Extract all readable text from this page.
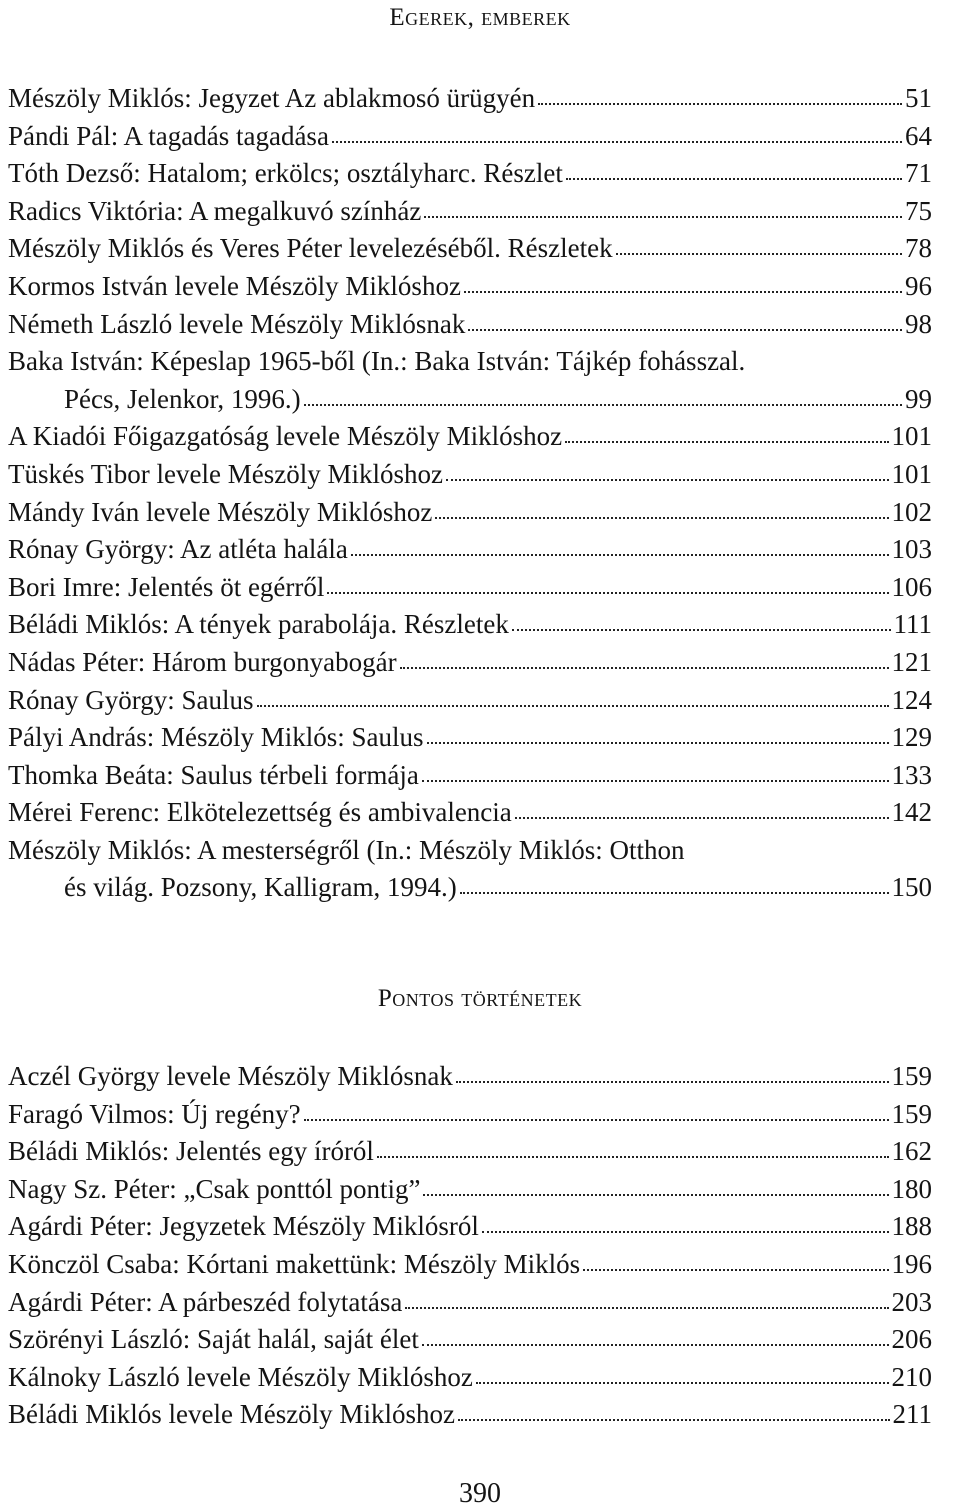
Egerek, emberek
Mészöly Miklós: Jegyzet Az ablakmosó ürügyén	51
Pándi Pál: A tagadás tagadása	64
Tóth Dezső: Hatalom; erkölcs; osztályharc. Részlet	71
Radics Viktória: A megalkuvó színház	75
Mészöly Miklós és Veres Péter levelezéséből. Részletek	78
Kormos István levele Mészöly Miklóshoz	96
Németh László levele Mészöly Miklósnak	98
Baka István: Képeslap 1965-ből (In.: Baka István: Tájkép fohásszal.
Pécs, Jelenkor, 1996.)	99
A Kiadói Főigazgatóság levele Mészöly Miklóshoz	101
Tüskés Tibor levele Mészöly Miklóshoz	101
Mándy Iván levele Mészöly Miklóshoz	102
Rónay György: Az atléta halála	103
Bori Imre: Jelentés öt egérről	106
Béládi Miklós: A tények parabolája. Részletek	111
Nádas Péter: Három burgonyabogár	121
Rónay György: Saulus	124
Pályi András: Mészöly Miklós: Saulus	129
Thomka Beáta: Saulus térbeli formája	133
Mérei Ferenc: Elkötelezettség és ambivalencia	142
Mészöly Miklós: A mesterségről (In.: Mészöly Miklós: Otthon
és világ. Pozsony, Kalligram, 1994.)	150
Pontos történetek
Aczél György levele Mészöly Miklósnak	159
Faragó Vilmos: Új regény?	159
Béládi Miklós: Jelentés egy íróról	162
Nagy Sz. Péter: „Csak ponttól pontig”	180
Agárdi Péter: Jegyzetek Mészöly Miklósról	188
Könczöl Csaba: Kórtani makettünk: Mészöly Miklós	196
Agárdi Péter: A párbeszéd folytatása	203
Szörényi László: Saját halál, saját élet	206
Kálnoky László levele Mészöly Miklóshoz	210
Béládi Miklós levele Mészöly Miklóshoz	211
390
